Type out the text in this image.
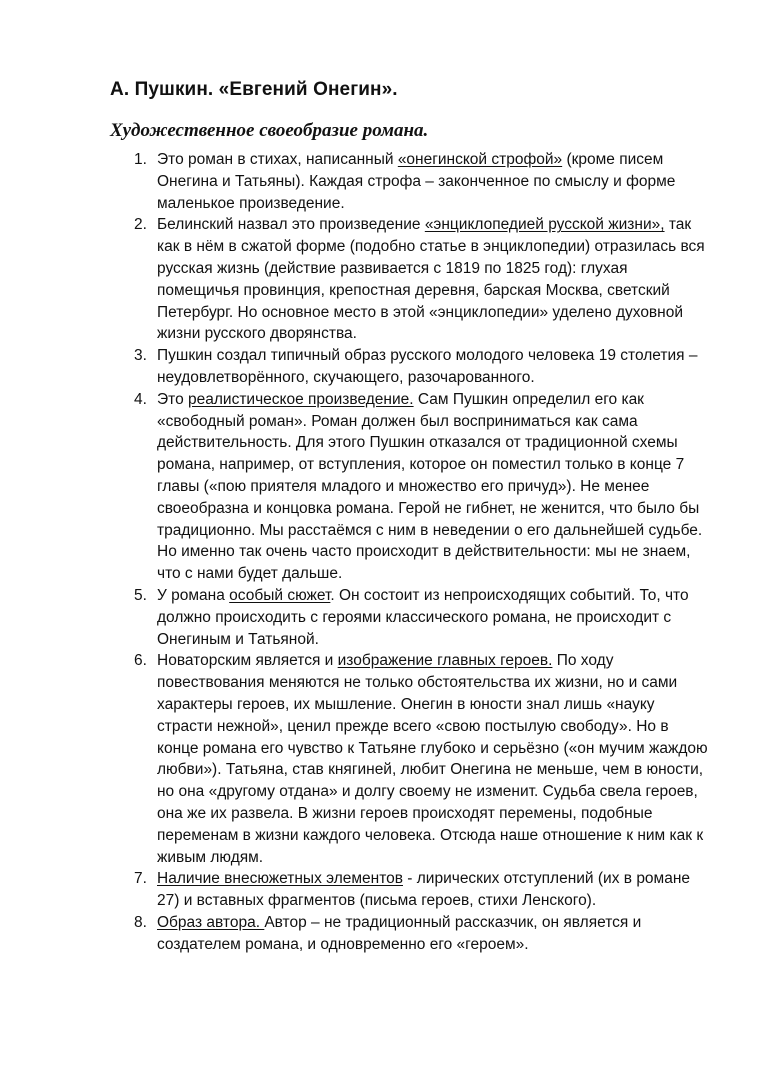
А. Пушкин. «Евгений Онегин».
Художественное своеобразие романа.
1. Это роман в стихах, написанный «онегинской строфой» (кроме писем Онегина и Татьяны). Каждая строфа – законченное по смыслу и форме маленькое произведение.
2. Белинский назвал это произведение «энциклопедией русской жизни», так как в нём в сжатой форме (подобно статье в энциклопедии) отразилась вся русская жизнь (действие развивается с 1819 по 1825 год): глухая помещичья провинция, крепостная деревня, барская Москва, светский Петербург. Но основное место в этой «энциклопедии» уделено духовной жизни русского дворянства.
3. Пушкин создал типичный образ русского молодого человека 19 столетия – неудовлетворённого, скучающего, разочарованного.
4. Это реалистическое произведение. Сам Пушкин определил его как «свободный роман». Роман должен был восприниматься как сама действительность. Для этого Пушкин отказался от традиционной схемы романа, например, от вступления, которое он поместил только в конце 7 главы («пою приятеля младого и множество его причуд»). Не менее своеобразна и концовка романа. Герой не гибнет, не женится, что было бы традиционно. Мы расстаёмся с ним в неведении о его дальнейшей судьбе. Но именно так очень часто происходит в действительности: мы не знаем, что с нами будет дальше.
5. У романа особый сюжет. Он состоит из непроисходящих событий. То, что должно происходить с героями классического романа, не происходит с Онегиным и Татьяной.
6. Новаторским является и изображение главных героев. По ходу повествования меняются не только обстоятельства их жизни, но и сами характеры героев, их мышление. Онегин в юности знал лишь «науку страсти нежной», ценил прежде всего «свою постылую свободу». Но в конце романа его чувство к Татьяне глубоко и серьёзно («он мучим жаждою любви»). Татьяна, став княгиней, любит Онегина не меньше, чем в юности, но она «другому отдана» и долгу своему не изменит. Судьба свела героев, она же их развела. В жизни героев происходят перемены, подобные переменам в жизни каждого человека. Отсюда наше отношение к ним как к живым людям.
7. Наличие внесюжетных элементов - лирических отступлений (их в романе 27) и вставных фрагментов (письма героев, стихи Ленского).
8. Образ автора. Автор – не традиционный рассказчик, он является и создателем романа, и одновременно его «героем».
